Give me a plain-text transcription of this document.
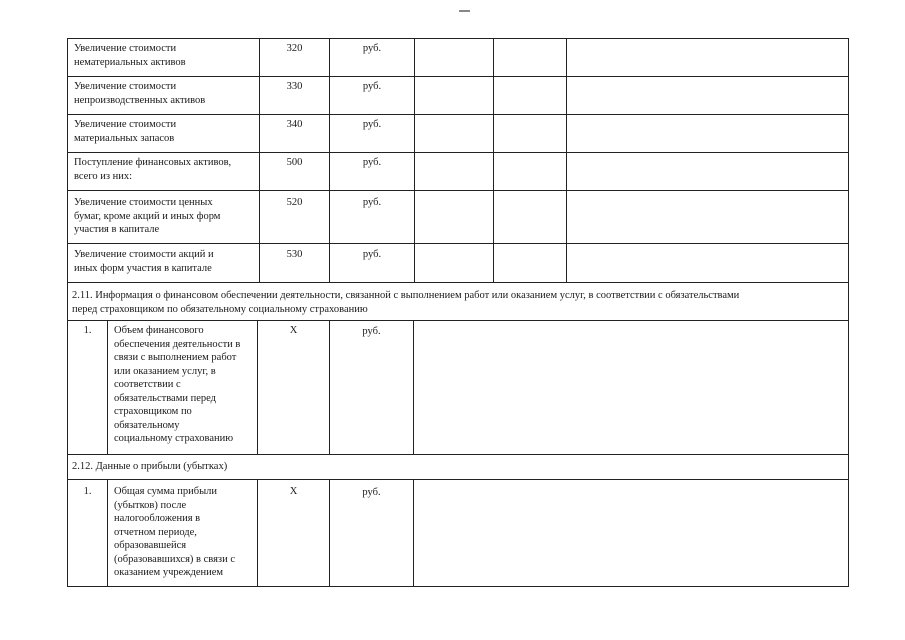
Увеличение стоимости
нематериальных активов
320	руб.
Увеличение стоимости
непроизводственных активов
330	руб.
Увеличение стоимости
материальных запасов
340	руб.
Поступление финансовых активов,
всего из них:
500	руб.
Увеличение стоимости ценных
бумаг, кроме акций и иных форм
участия в капитале
520	руб.
Увеличение стоимости акций и
иных форм участия в капитале
530	руб.
2.11. Информация о финансовом обеспечении деятельности, связанной с выполнением работ или оказанием услуг, в соответствии с обязательствами
перед страховщиком по обязательному социальному страхованию
1.	Объем финансового
обеспечения деятельности в
связи с выполнением работ
или оказанием услуг, в
соответствии с
обязательствами перед
страховщиком по
обязательному
социальному страхованию
X	руб.
2.12. Данные о прибыли (убытках)
1.	Общая сумма прибыли
(убытков) после
налогообложения в
отчетном периоде,
образовавшейся
(образовавшихся) в связи с
оказанием учреждением
X	руб.
